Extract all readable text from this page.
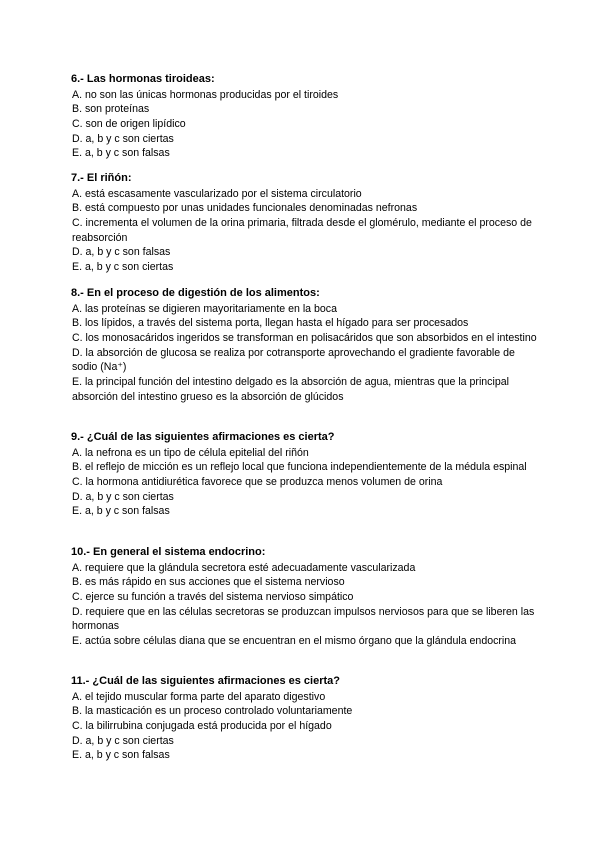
6.- Las hormonas tiroideas:
A. no son las únicas hormonas producidas por el tiroides
B. son proteínas
C. son de origen lipídico
D. a, b y c son ciertas
E. a, b y c son falsas
7.- El riñón:
A. está escasamente vascularizado por el sistema circulatorio
B. está compuesto por unas unidades funcionales denominadas nefronas
C. incrementa el volumen de la orina primaria, filtrada desde el glomérulo, mediante el proceso de reabsorción
D. a, b y c son falsas
E. a, b y c son ciertas
8.- En el proceso de digestión de los alimentos:
A. las proteínas se digieren mayoritariamente en la boca
B. los lípidos, a través del sistema porta, llegan hasta el hígado para ser procesados
C. los monosacáridos ingeridos se transforman en polisacáridos que son absorbidos en el intestino
D. la absorción de glucosa se realiza por cotransporte aprovechando el gradiente favorable de sodio (Na⁺)
E. la principal función del intestino delgado es la absorción de agua, mientras que la principal absorción del intestino grueso es la absorción de glúcidos
9.- ¿Cuál de las siguientes afirmaciones es cierta?
A. la nefrona es un tipo de célula epitelial del riñón
B. el reflejo de micción es un reflejo local que funciona independientemente de la médula espinal
C. la hormona antidiurética favorece que se produzca menos volumen de orina
D. a, b y c son ciertas
E. a, b y c son falsas
10.- En general el sistema endocrino:
A. requiere que la glándula secretora esté adecuadamente vascularizada
B. es más rápido en sus acciones que el sistema nervioso
C. ejerce su función a través del sistema nervioso simpático
D. requiere que en las células secretoras se produzcan impulsos nerviosos para que se liberen las hormonas
E. actúa sobre células diana que se encuentran en el mismo órgano que la glándula endocrina
11.- ¿Cuál de las siguientes afirmaciones es cierta?
A. el tejido muscular forma parte del aparato digestivo
B. la masticación es un proceso controlado voluntariamente
C. la bilirrubina conjugada está producida por el hígado
D. a, b y c son ciertas
E. a, b y c son falsas
